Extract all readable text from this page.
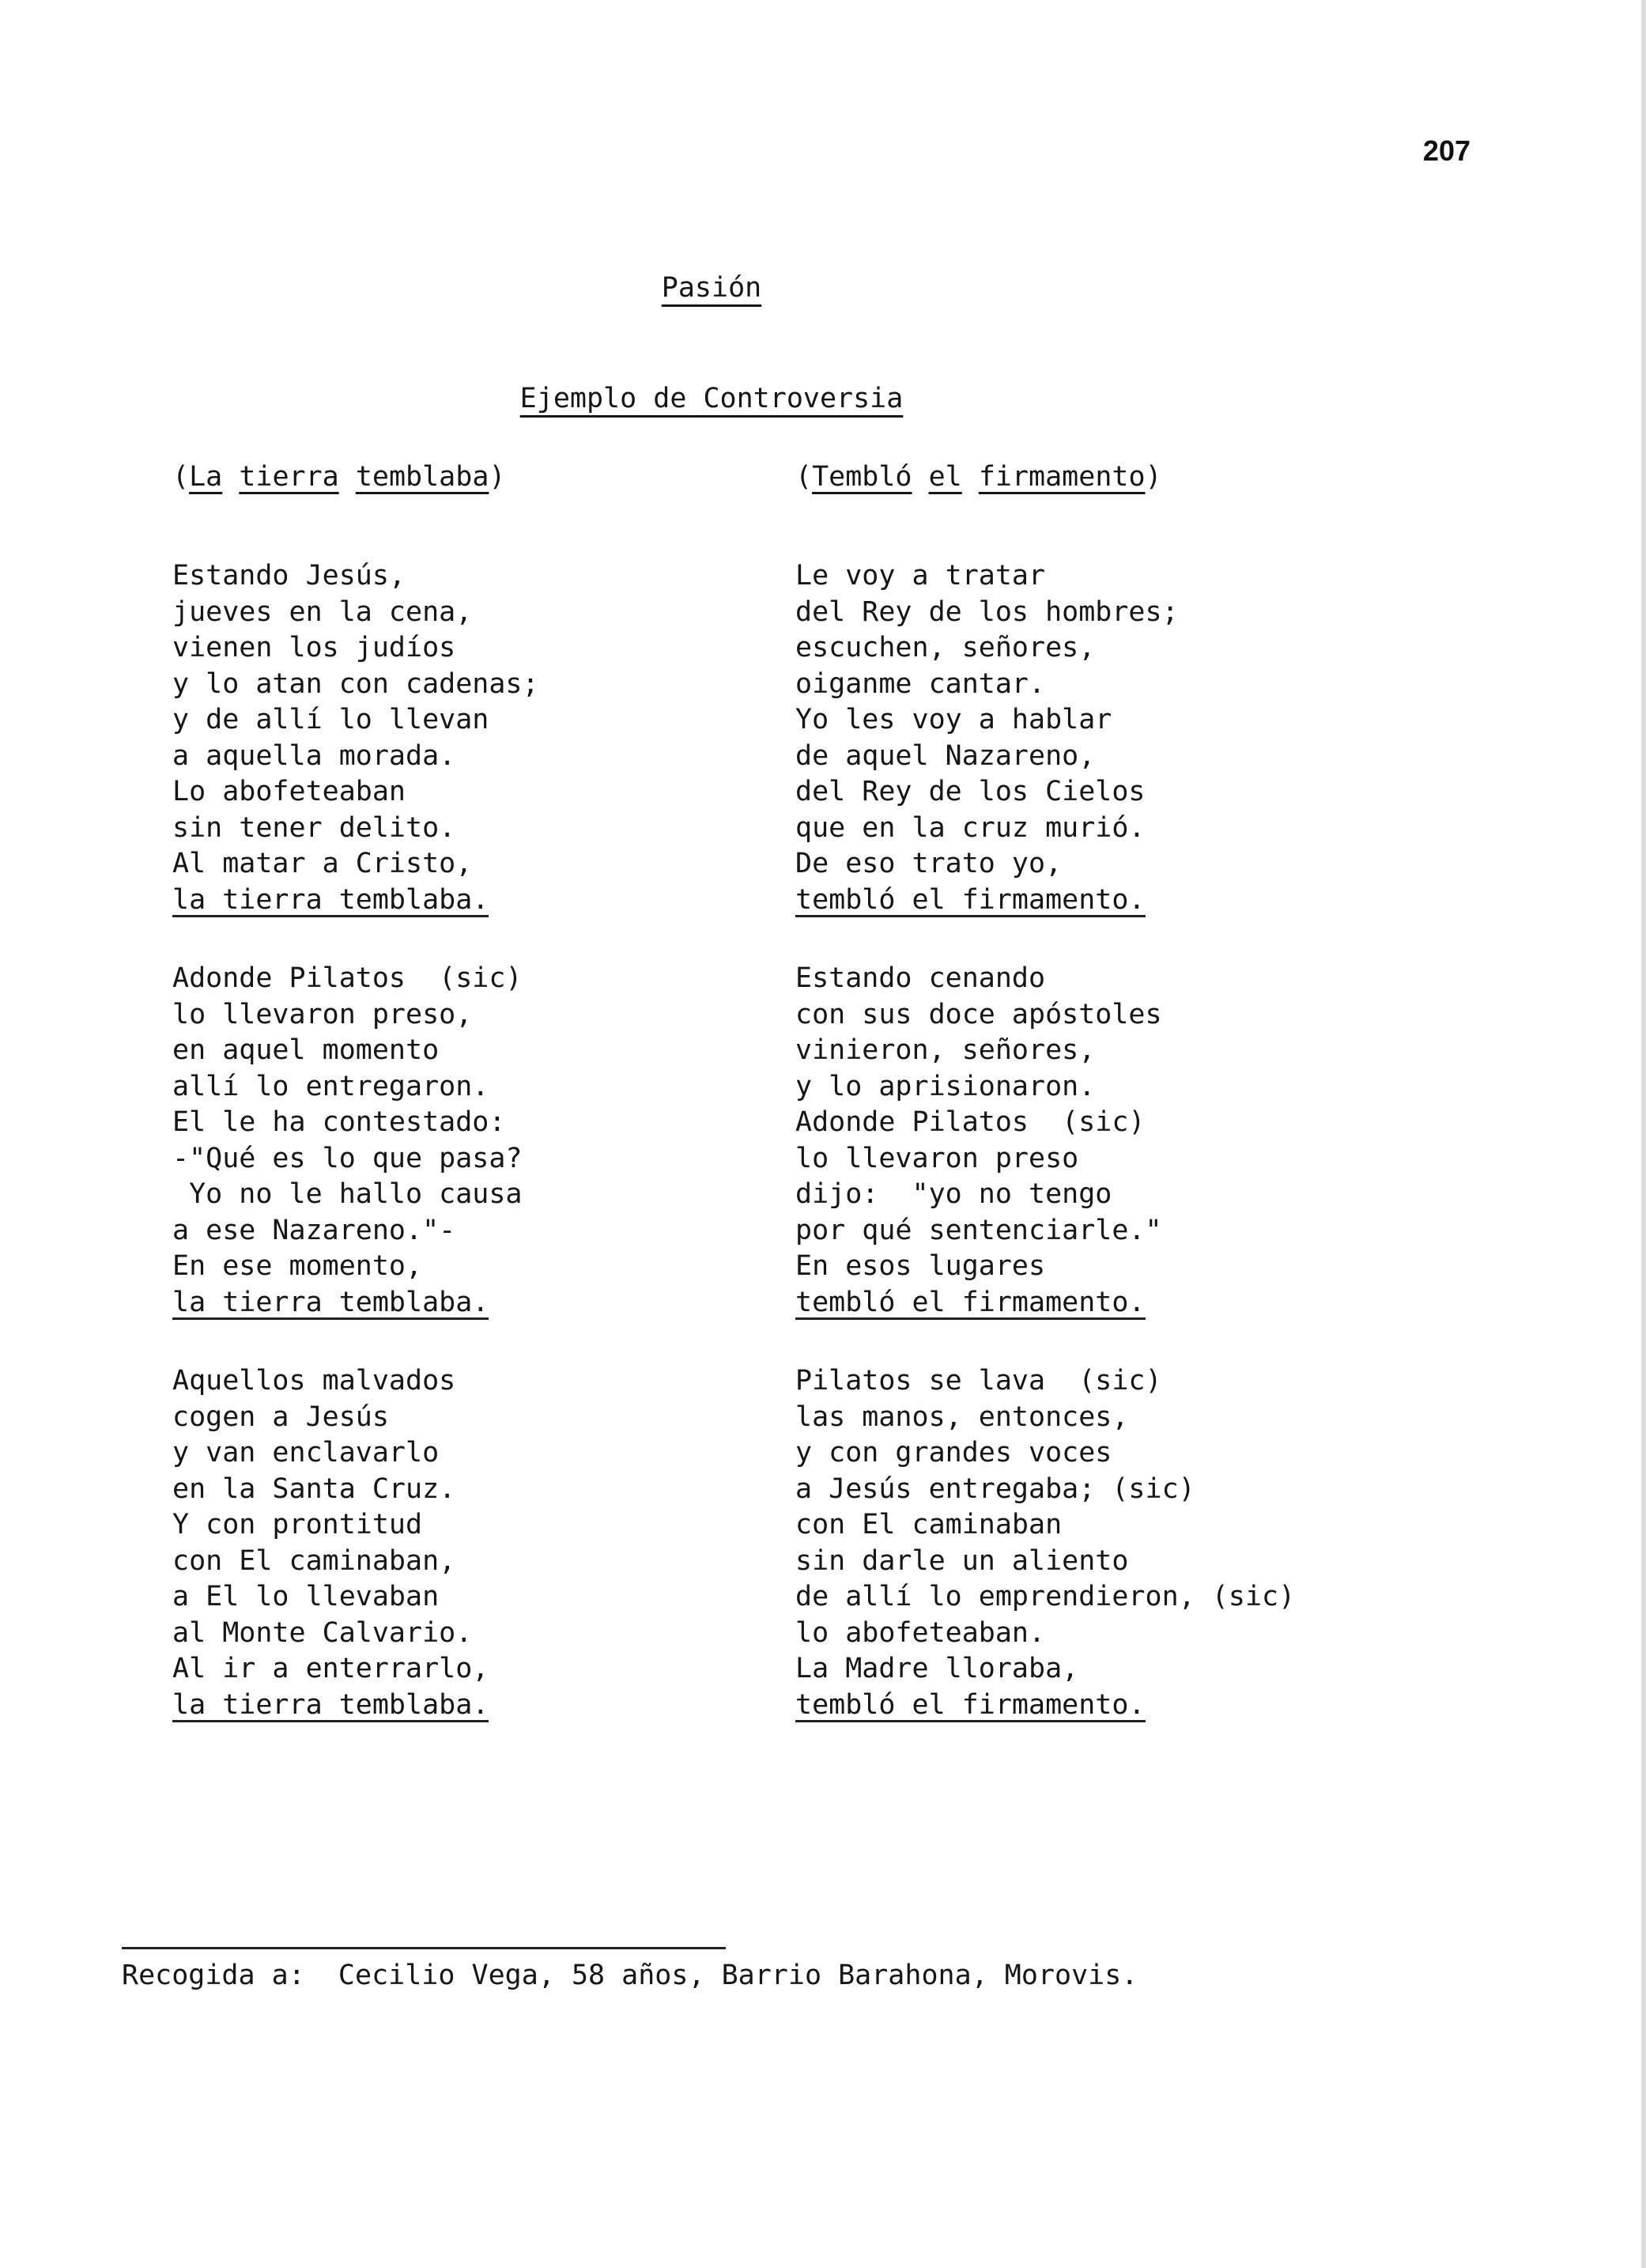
207
Pasión
Ejemplo de Controversia
(La tierra temblaba)
Estando Jesús,
jueves en la cena,
vienen los judíos
y lo atan con cadenas;
y de allí lo llevan
a aquella morada.
Lo abofeteaban
sin tener delito.
Al matar a Cristo,
la tierra temblaba.
Adonde Pilatos  (sic)
lo llevaron preso,
en aquel momento
allí lo entregaron.
El le ha contestado:
-"Qué es lo que pasa?
Yo no le hallo causa
a ese Nazareno."-
En ese momento,
la tierra temblaba.
Aquellos malvados
cogen a Jesús
y van enclavarlo
en la Santa Cruz.
Y con prontitud
con El caminaban,
a El lo llevaban
al Monte Calvario.
Al ir a enterrarlo,
la tierra temblaba.
(Tembló el firmamento)
Le voy a tratar
del Rey de los hombres;
escuchen, señores,
oiganme cantar.
Yo les voy a hablar
de aquel Nazareno,
del Rey de los Cielos
que en la cruz murió.
De eso trato yo,
tembló el firmamento.
Estando cenando
con sus doce apóstoles
vinieron, señores,
y lo aprisionaron.
Adonde Pilatos  (sic)
lo llevaron preso
dijo:  "yo no tengo
por qué sentenciarle."
En esos lugares
tembló el firmamento.
Pilatos se lava  (sic)
las manos, entonces,
y con grandes voces
a Jesús entregaba; (sic)
con El caminaban
sin darle un aliento
de allí lo emprendieron, (sic)
lo abofeteaban.
La Madre lloraba,
tembló el firmamento.
Recogida a:  Cecilio Vega, 58 años, Barrio Barahona, Morovis.
